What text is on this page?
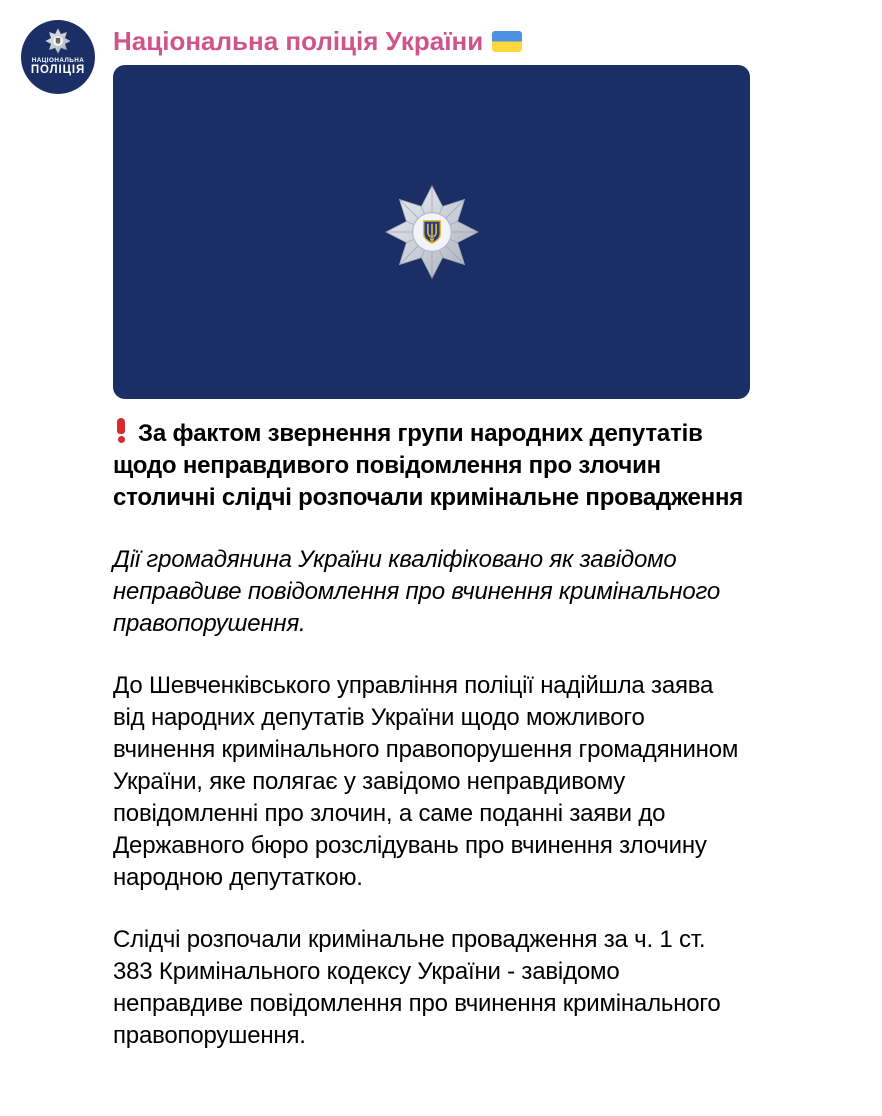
НАЦІОНАЛЬНА
ПОЛІЦІЯ
Національна поліція України

За фактом звернення групи народних депутатів щодо неправдивого повідомлення про злочин столичні слідчі розпочали кримінальне провадження

Дії громадянина України кваліфіковано як завідомо неправдиве повідомлення про вчинення кримінального правопорушення.

До Шевченківського управління поліції надійшла заява від народних депутатів України щодо можливого вчинення кримінального правопорушення громадянином України, яке полягає у завідомо неправдивому повідомленні про злочин, а саме поданні заяви до Державного бюро розслідувань про вчинення злочину народною депутаткою.

Слідчі розпочали кримінальне провадження за ч. 1 ст. 383 Кримінального кодексу України - завідомо неправдиве повідомлення про вчинення кримінального правопорушення.
